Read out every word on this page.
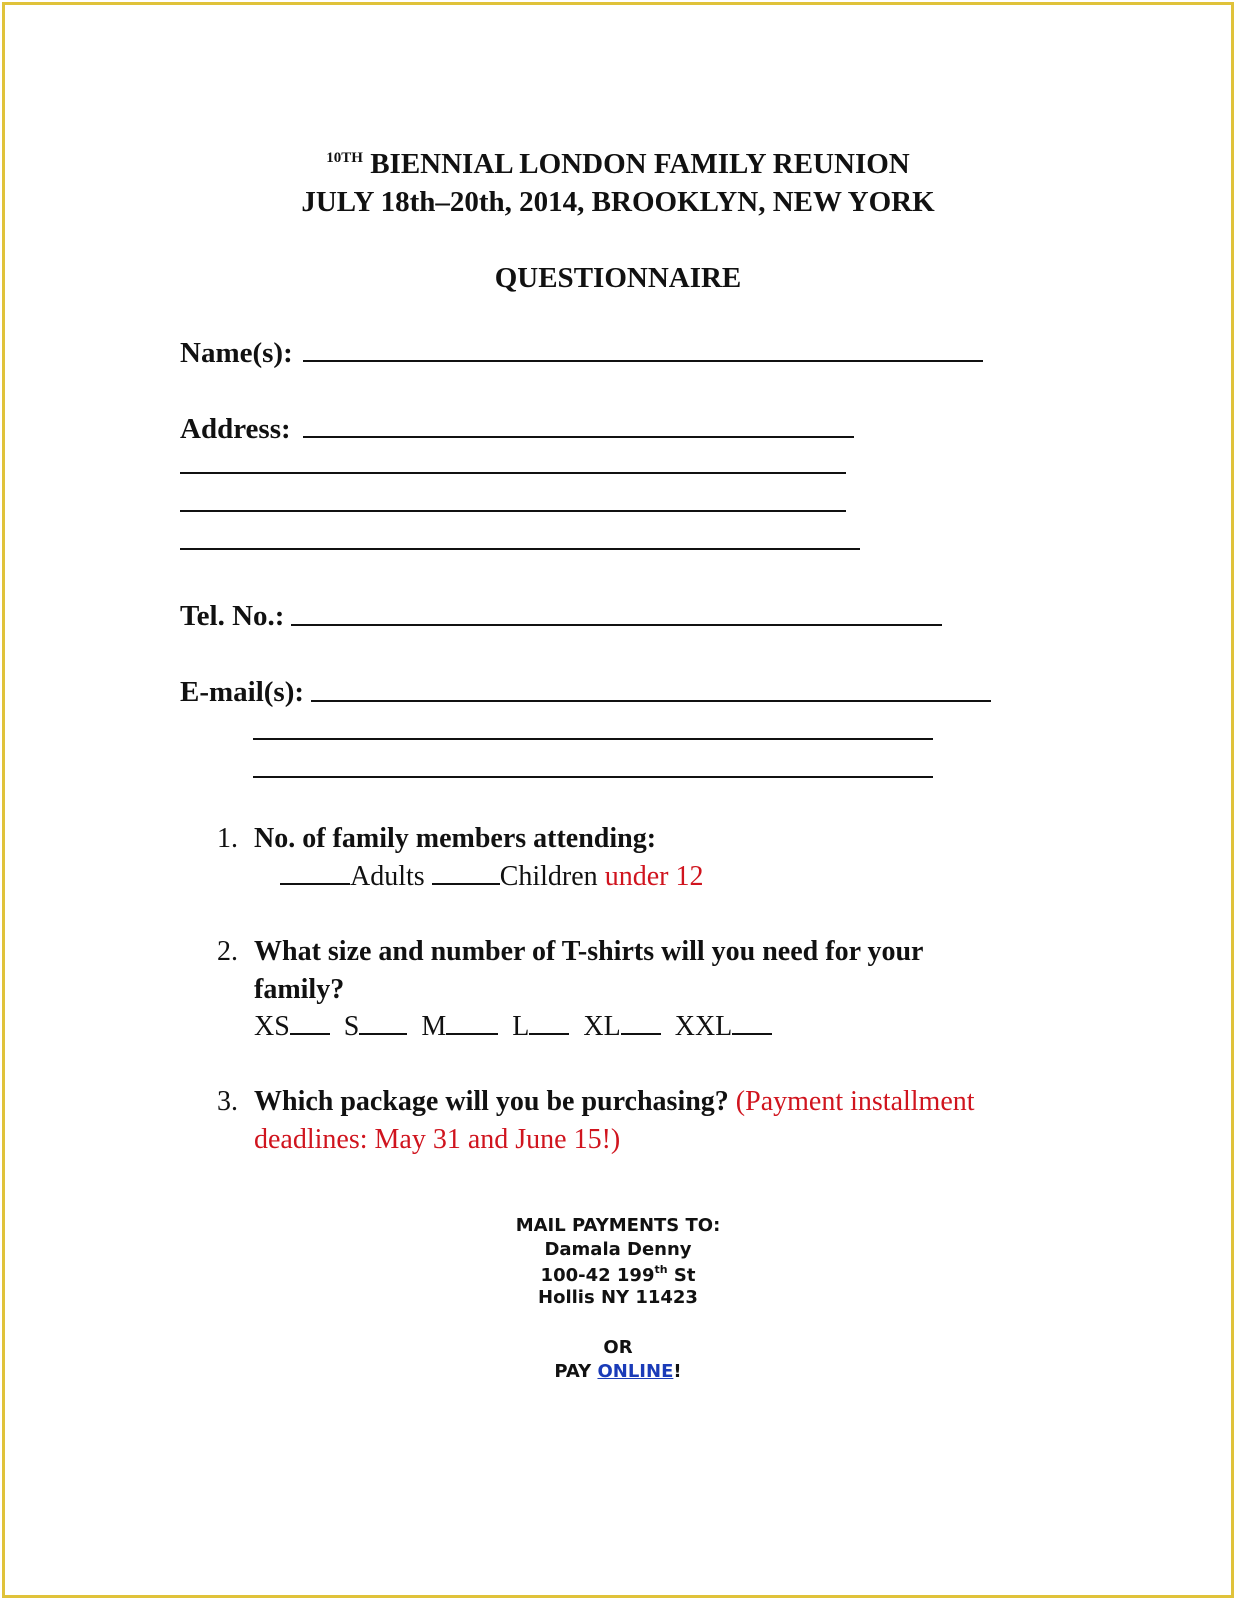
$^{10TH}$ BIENNIAL LONDON FAMILY REUNION
JULY 18th–20th, 2014, BROOKLYN, NEW YORK
QUESTIONNAIRE
Name(s):
Address:
Tel. No.:
E-mail(s):
1. No. of family members attending:
Adults	Children under 12
2. What size and number of T-shirts will you need for your
family?
XS S M L XL XXL
3. Which package will you be purchasing? (Payment installment
deadlines: May 31 and June 15!)
MAIL PAYMENTS TO:
Damala Denny
100-42 199th St
Hollis NY 11423
OR
PAY ONLINE!
